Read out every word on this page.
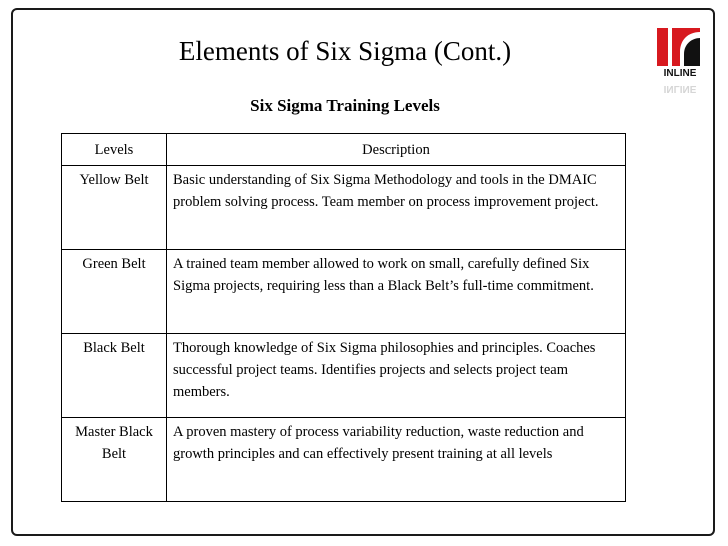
Elements of Six Sigma (Cont.)
INLINE
INLINE
Six Sigma Training Levels
Levels	Description
Yellow Belt	Basic understanding of Six Sigma Methodology and tools in the DMAIC problem solving process. Team member on process improvement project.
Green Belt	A trained team member allowed to work on small, carefully defined Six Sigma projects, requiring less than a Black Belt’s full-time commitment.
Black Belt	Thorough knowledge of Six Sigma philosophies and principles. Coaches successful project teams. Identifies projects and selects project team members.
Master Black Belt	A proven mastery of process variability reduction, waste reduction and growth principles and can effectively present training at all levels
